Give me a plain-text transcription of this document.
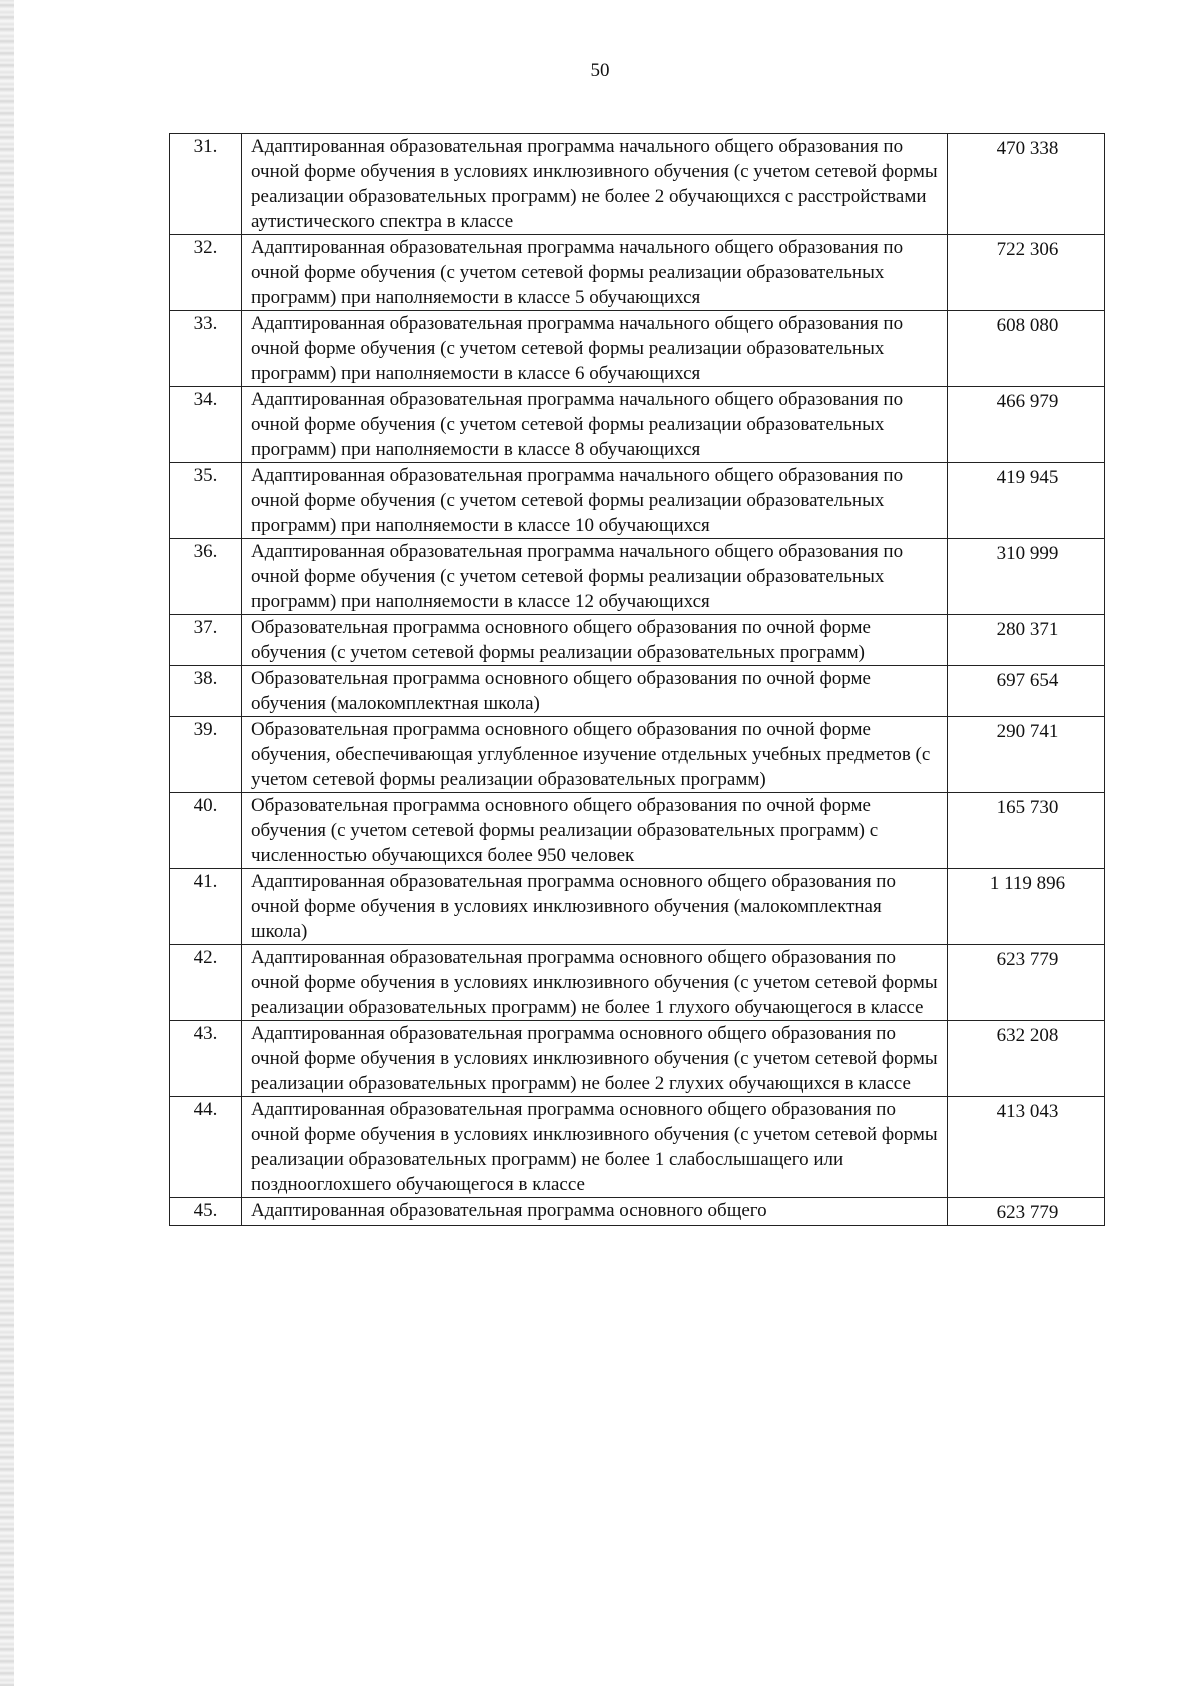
50
31.	Адаптированная образовательная программа начального общего образования по очной форме обучения в условиях инклюзивного обучения (с учетом сетевой формы реализации образовательных программ) не более 2 обучающихся с расстройствами аутистического спектра в классе	470 338
32.	Адаптированная образовательная программа начального общего образования по очной форме обучения (с учетом сетевой формы реализации образовательных программ) при наполняемости в классе 5 обучающихся	722 306
33.	Адаптированная образовательная программа начального общего образования по очной форме обучения (с учетом сетевой формы реализации образовательных программ) при наполняемости в классе 6 обучающихся	608 080
34.	Адаптированная образовательная программа начального общего образования по очной форме обучения (с учетом сетевой формы реализации образовательных программ) при наполняемости в классе 8 обучающихся	466 979
35.	Адаптированная образовательная программа начального общего образования по очной форме обучения (с учетом сетевой формы реализации образовательных программ) при наполняемости в классе 10 обучающихся	419 945
36.	Адаптированная образовательная программа начального общего образования по очной форме обучения (с учетом сетевой формы реализации образовательных программ) при наполняемости в классе 12 обучающихся	310 999
37.	Образовательная программа основного общего образования по очной форме обучения (с учетом сетевой формы реализации образовательных программ)	280 371
38.	Образовательная программа основного общего образования по очной форме обучения (малокомплектная школа)	697 654
39.	Образовательная программа основного общего образования по очной форме обучения, обеспечивающая углубленное изучение отдельных учебных предметов (с учетом сетевой формы реализации образовательных программ)	290 741
40.	Образовательная программа основного общего образования по очной форме обучения (с учетом сетевой формы реализации образовательных программ) с численностью обучающихся более 950 человек	165 730
41.	Адаптированная образовательная программа основного общего образования по очной форме обучения в условиях инклюзивного обучения (малокомплектная школа)	1 119 896
42.	Адаптированная образовательная программа основного общего образования по очной форме обучения в условиях инклюзивного обучения (с учетом сетевой формы реализации образовательных программ) не более 1 глухого обучающегося в классе	623 779
43.	Адаптированная образовательная программа основного общего образования по очной форме обучения в условиях инклюзивного обучения (с учетом сетевой формы реализации образовательных программ) не более 2 глухих обучающихся в классе	632 208
44.	Адаптированная образовательная программа основного общего образования по очной форме обучения в условиях инклюзивного обучения (с учетом сетевой формы реализации образовательных программ) не более 1 слабослышащего или позднооглохшего обучающегося в классе	413 043
45.	Адаптированная образовательная программа основного общего	623 779
